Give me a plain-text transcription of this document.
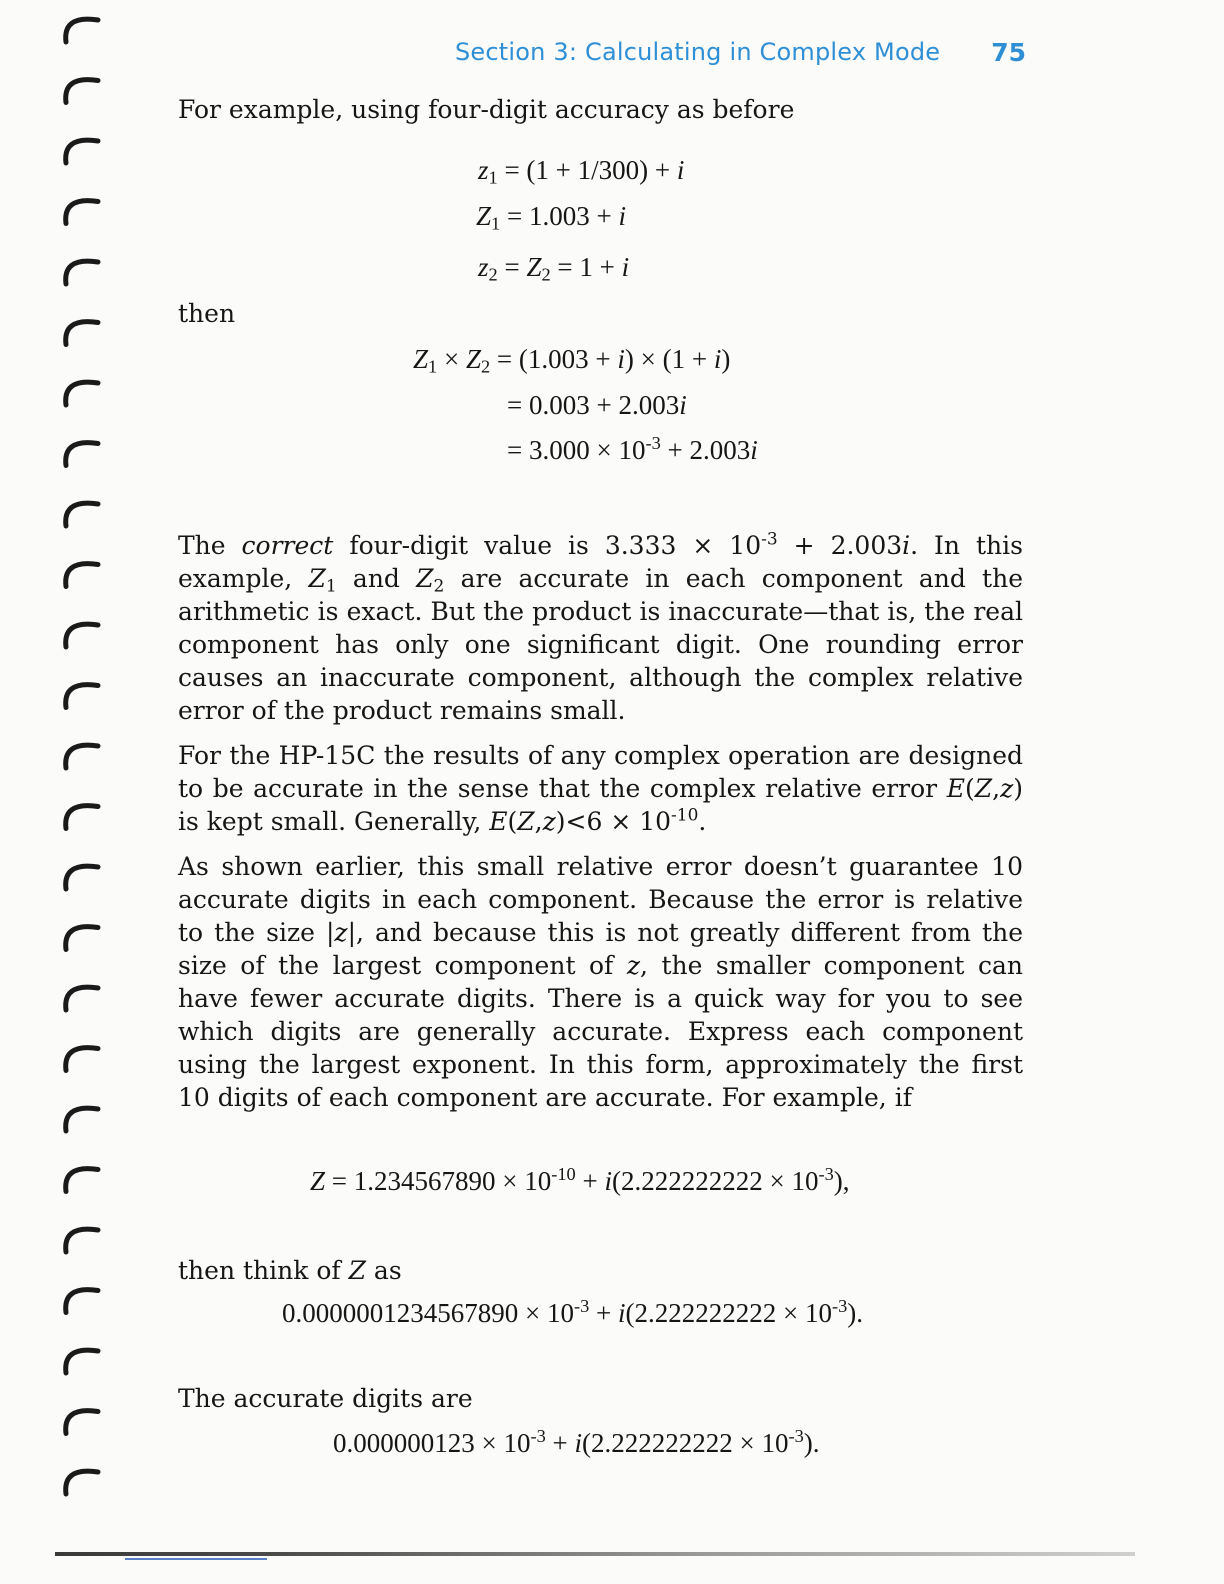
Section 3: Calculating in Complex Mode 75
For example, using four-digit accuracy as before
$z_1 = (1 + 1/300) + i$
$Z_1 = 1.003 + i$
$z_2 = Z_2 = 1 + i$
then
$Z_1 \times Z_2 = (1.003 + i) \times (1 + i)$
= 0.003 + 2.003i
= $3.000 \times 10^{-3} + 2.003i$
The correct four-digit value is $3.333 \times 10^{-3} + 2.003i$. In this example, $Z_1$ and $Z_2$ are accurate in each component and the arithmetic is exact. But the product is inaccurate—that is, the real component has only one significant digit. One rounding error causes an inaccurate component, although the complex relative error of the product remains small.
For the HP-15C the results of any complex operation are designed to be accurate in the sense that the complex relative error E(Z,z) is kept small. Generally, $E(Z,z)<6 \times 10^{-10}$.
As shown earlier, this small relative error doesn’t guarantee 10 accurate digits in each component. Because the error is relative to the size |z|, and because this is not greatly different from the size of the largest component of z, the smaller component can have fewer accurate digits. There is a quick way for you to see which digits are generally accurate. Express each component using the largest exponent. In this form, approximately the first 10 digits of each component are accurate. For example, if
$Z = 1.234567890 \times 10^{-10} + i(2.222222222 \times 10^{-3})$,
then think of Z as
$0.0000001234567890 \times 10^{-3} + i(2.222222222 \times 10^{-3})$.
The accurate digits are
$0.000000123 \times 10^{-3} + i(2.222222222 \times 10^{-3})$.
